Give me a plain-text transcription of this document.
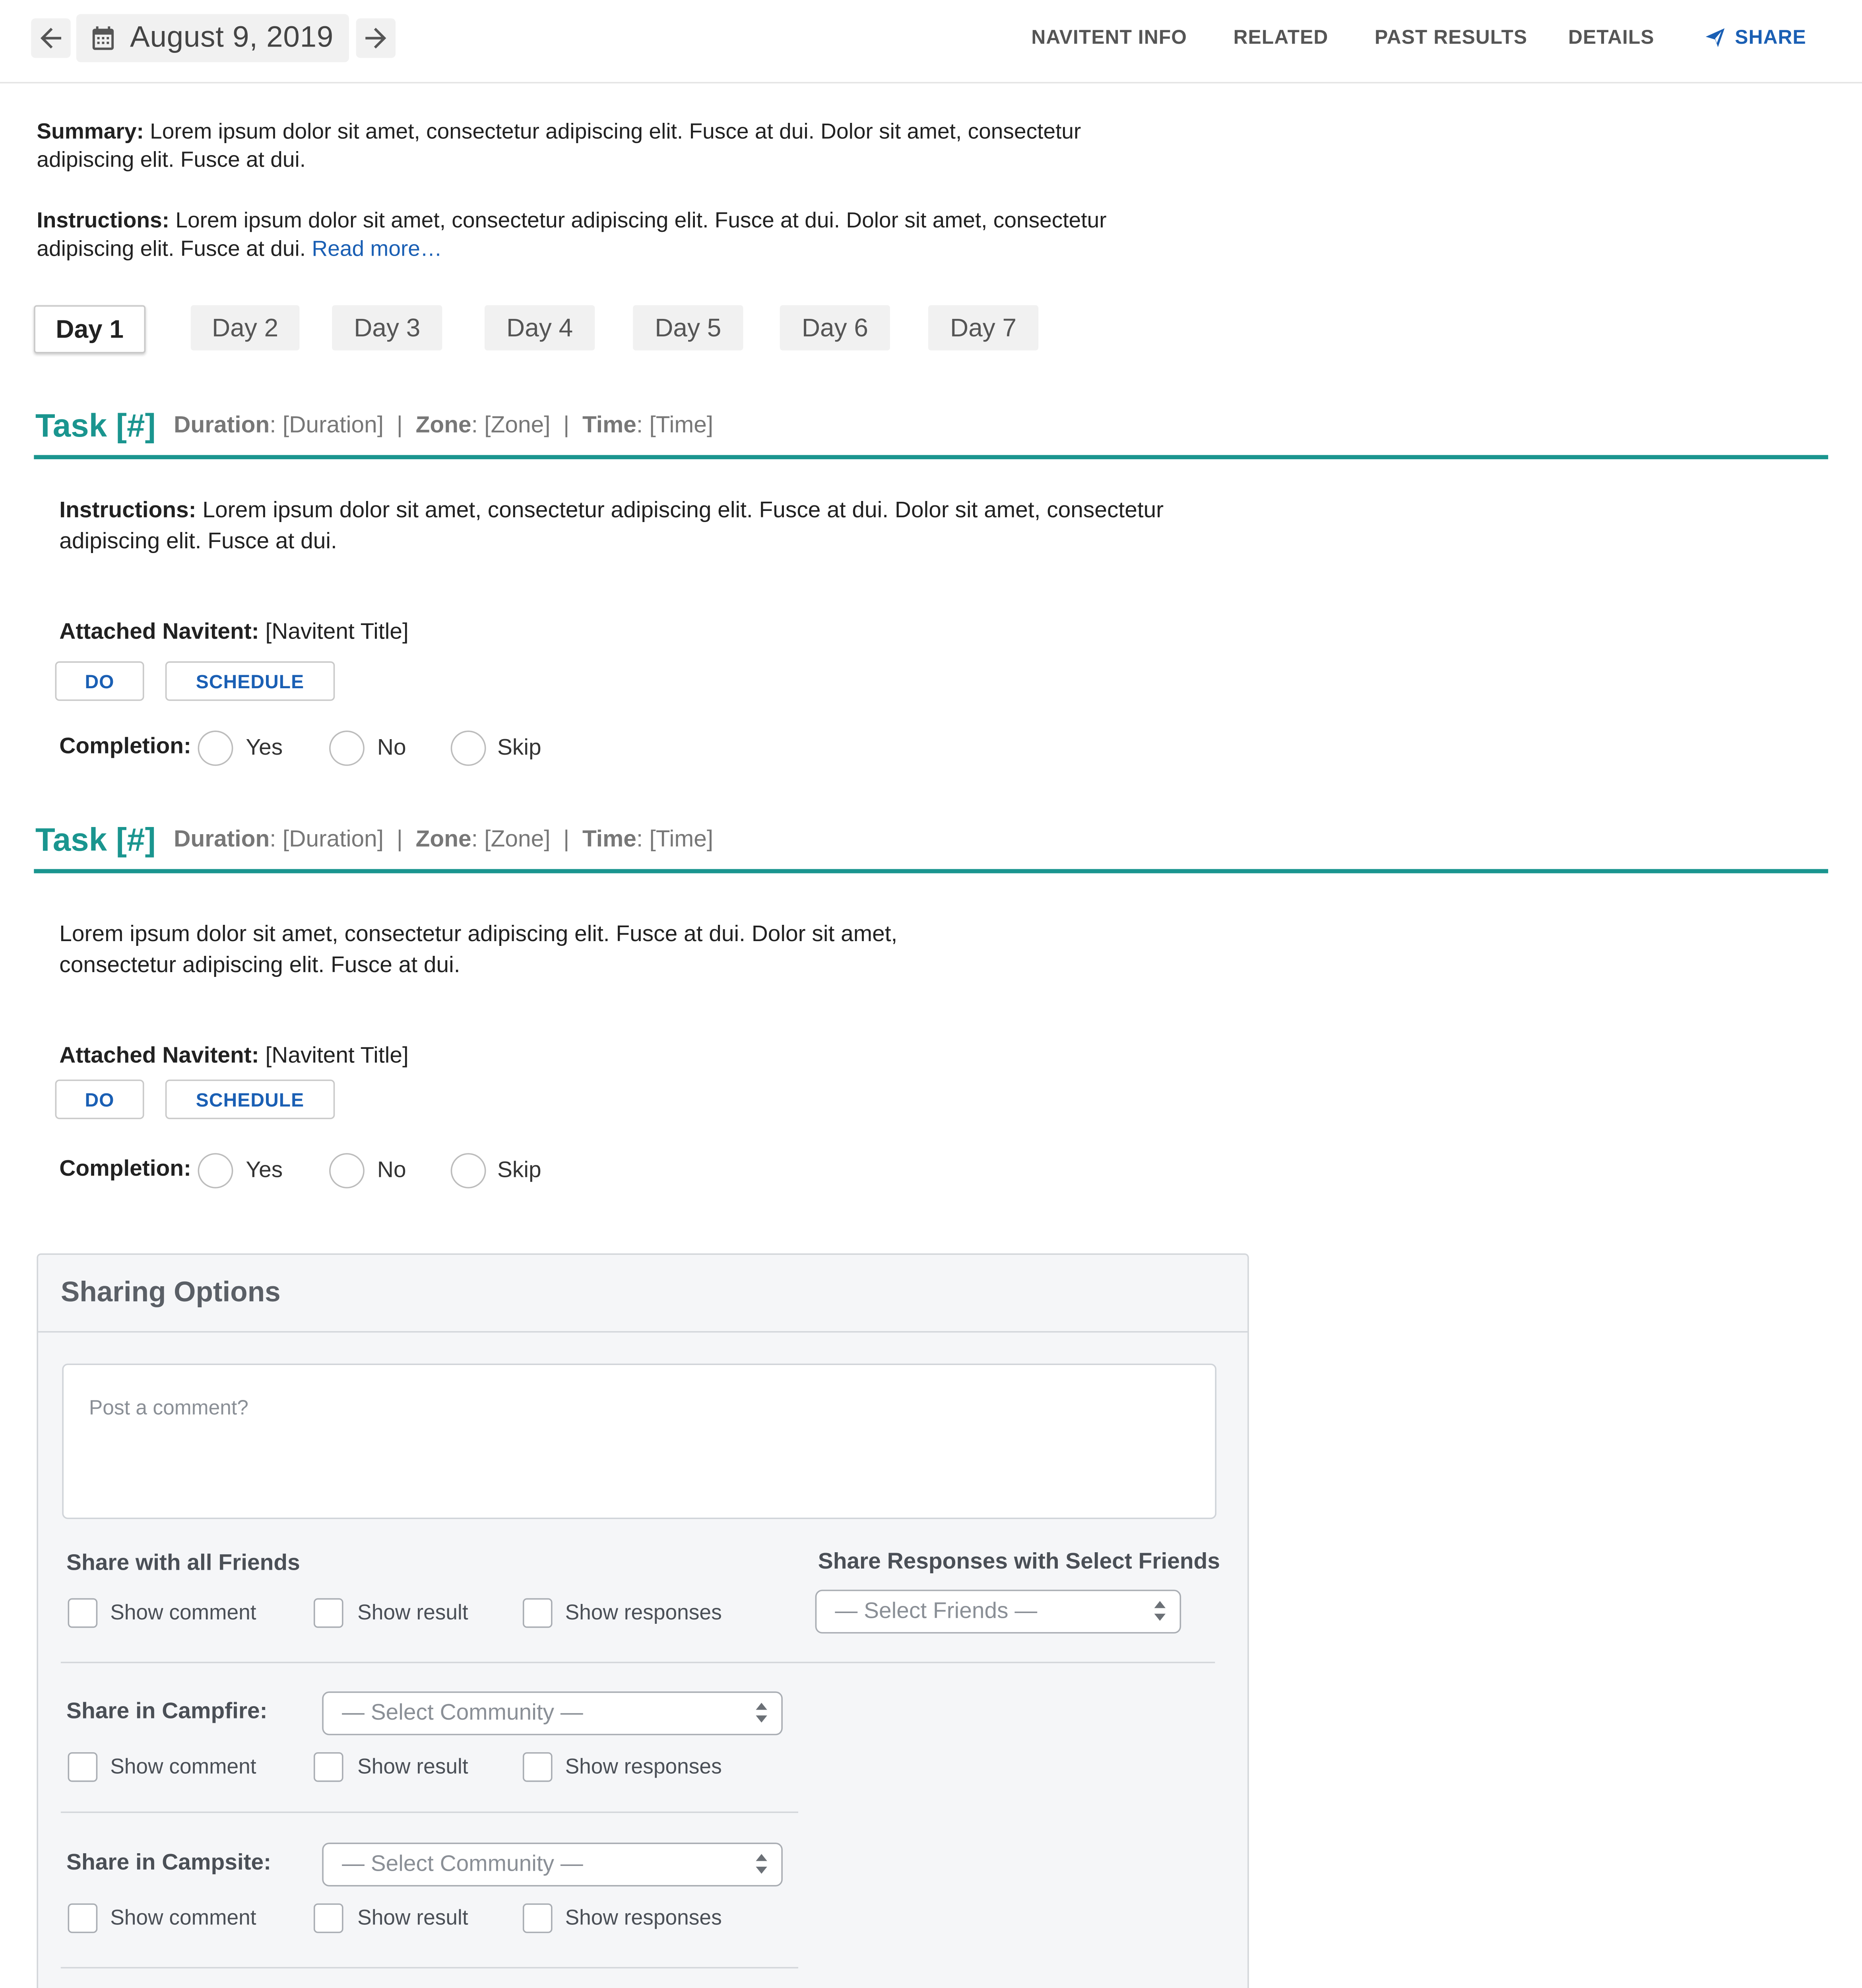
August 9, 2019	NAVITENT INFO	RELATED	PAST RESULTS	DETAILS	SHARE
Summary: Lorem ipsum dolor sit amet, consectetur adipiscing elit. Fusce at dui. Dolor sit amet, consectetur adipiscing elit. Fusce at dui.
Instructions: Lorem ipsum dolor sit amet, consectetur adipiscing elit. Fusce at dui. Dolor sit amet, consectetur adipiscing elit. Fusce at dui. Read more…
Day 1	Day 2	Day 3	Day 4	Day 5	Day 6	Day 7
Task [#]	Duration: [Duration] | Zone: [Zone] | Time: [Time]
Instructions: Lorem ipsum dolor sit amet, consectetur adipiscing elit. Fusce at dui. Dolor sit amet, consectetur adipiscing elit. Fusce at dui.
Attached Navitent: [Navitent Title]
DO	SCHEDULE
Completion:	Yes	No	Skip
Task [#]	Duration: [Duration] | Zone: [Zone] | Time: [Time]
Lorem ipsum dolor sit amet, consectetur adipiscing elit. Fusce at dui. Dolor sit amet, consectetur adipiscing elit. Fusce at dui.
Attached Navitent: [Navitent Title]
DO	SCHEDULE
Completion:	Yes	No	Skip
Sharing Options
Post a comment?
Share with all Friends	Share Responses with Select Friends
Show comment	Show result	Show responses	— Select Friends —
Share in Campfire:	— Select Community —
Show comment	Show result	Show responses
Share in Campsite:	— Select Community —
Show comment	Show result	Show responses
